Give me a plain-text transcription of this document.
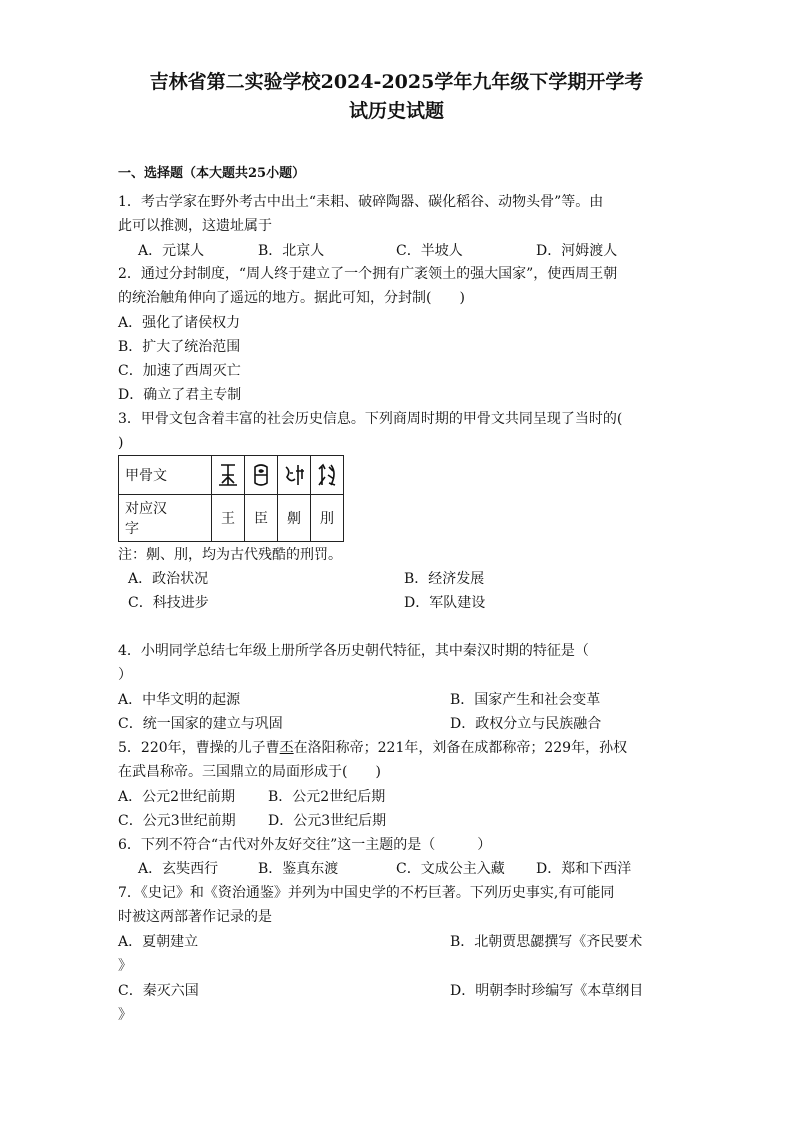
吉林省第二实验学校2024-2025学年九年级下学期开学考
试历史试题
一、选择题（本大题共25小题）
1．考古学家在野外考古中出土“耒耜、破碎陶器、碳化稻谷、动物头骨”等。由
此可以推测，这遗址属于
A．元谋人	B．北京人	C．半坡人	D．河姆渡人
2．通过分封制度，“周人终于建立了一个拥有广袤领土的强大国家”，使西周王朝
的统治触角伸向了遥远的地方。据此可知，分封制(　　)
A．强化了诸侯权力
B．扩大了统治范围
C．加速了西周灭亡
D．确立了君主专制
3．甲骨文包含着丰富的社会历史信息。下列商周时期的甲骨文共同呈现了当时的(
)
甲骨文	

对应汉
字	王	臣	劓	刖
注：劓、刖，均为古代残酷的刑罚。
A．政治状况	B．经济发展
C．科技进步	D．军队建设
4．小明同学总结七年级上册所学各历史朝代特征，其中秦汉时期的特征是（
）
A．中华文明的起源	B．国家产生和社会变革
C．统一国家的建立与巩固	D．政权分立与民族融合
5．220年，曹操的儿子曹丕在洛阳称帝；221年，刘备在成都称帝；229年，孙权
在武昌称帝。三国鼎立的局面形成于(　　)
A．公元2世纪前期 B．公元2世纪后期
C．公元3世纪前期 D．公元3世纪后期
6．下列不符合“古代对外友好交往”这一主题的是（　　　）
A．玄奘西行	B．鉴真东渡	C．文成公主入藏 D．郑和下西洋
7．《史记》和《资治通鉴》并列为中国史学的不朽巨著。下列历史事实,有可能同
时被这两部著作记录的是
A．夏朝建立	B．北朝贾思勰撰写《齐民要术
》
C．秦灭六国	D．明朝李时珍编写《本草纲目
》
